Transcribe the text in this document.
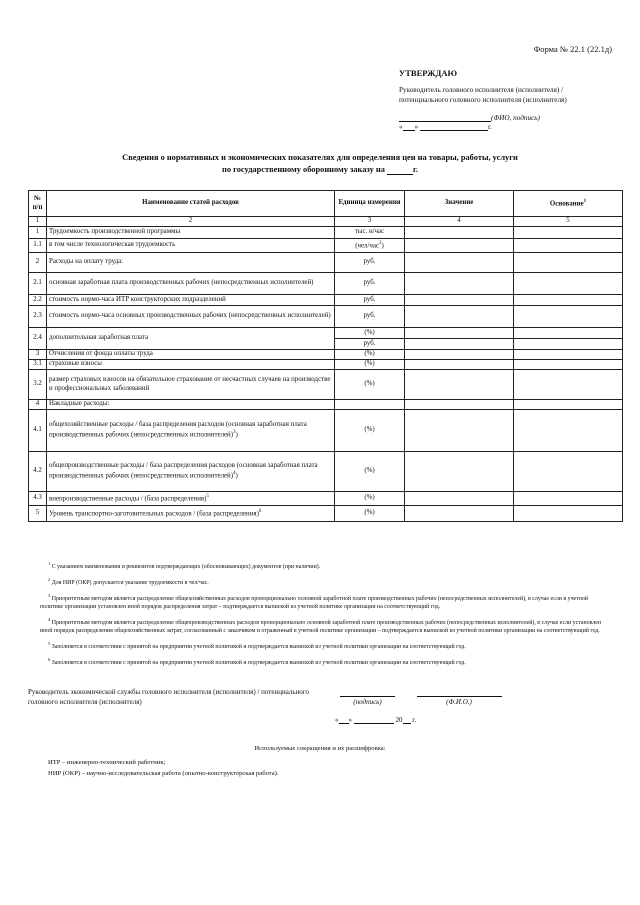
Форма № 22.1 (22.1д)
УТВЕРЖДАЮ
Руководитель головного исполнителя (исполнителя) / потенциального головного исполнителя (исполнителя)
(ФИО, подпись)
« »	г.
Сведения о нормативных и экономических показателях для определения цен на товары, работы, услуги
по государственному оборонному заказу на	г.
№ п/п	Наименование статей расходов	Единица измерения	Значение	Основание$^1$
1	2	3	4	5
1	Трудоемкость производственной программы	тыс. н/час		
1.1	в том числе технологическая трудоемкость	(чел/час$^2$)		
2	Расходы на оплату труда:	руб.		
2.1	основная заработная плата производственных рабочих (непосредственных исполнителей)	руб.		
2.2	стоимость нормо-часа ИТР конструкторских подразделений	руб.		
2.3	стоимость нормо-часа основных производственных рабочих (непосредственных исполнителей)	руб.		
2.4	дополнительная заработная плата	(%)		
		руб.		
3	Отчисления от фонда оплаты труда	(%)		
3.1	страховые взносы	(%)		
3.2	размер страховых взносов на обязательное страхование от несчастных случаев на производстве и профессиональных заболеваний	(%)		
4	Накладные расходы:			
4.1	общехозяйственные расходы / база распределения расходов (основная заработная плата производственных рабочих (непосредственных исполнителей)$^3$)	(%)		
4.2	общепроизводственные расходы / база распределения расходов (основная заработная плата производственных рабочих (непосредственных исполнителей)$^4$)	(%)		
4.3	внепроизводственные расходы / (база распределения)$^5$	(%)		
5	Уровень транспортно-заготовительных расходов / (база распределения)$^6$	(%)		

$^1$ С указанием наименования и реквизитов подтверждающих (обосновывающих) документов (при наличии).

$^2$ Для НИР (ОКР) допускается указание трудоемкости в чел/час.

$^3$ Приоритетным методом является распределение общехозяйственных расходов пропорционально основной заработной плате производственных рабочих (непосредственных исполнителей), в случае если в учетной политике организации установлен иной порядок распределения затрат – подтверждается выпиской из учетной политике организации на соответствующий год.

$^4$ Приоритетным методом является распределение общепроизводственных расходов пропорционально основной заработной плате производственных рабочих (непосредственных исполнителей), в случае если установлен иной порядок распределения общехозяйственных затрат, согласованный с заказчиком и отраженный в учетной политике организации – подтверждается выпиской из учетной политики организации на соответствующий год.

$^5$ Заполняется в соответствии с принятой на предприятии учетной политикой и подтверждается выпиской из учетной политики организации на соответствующий год.

$^6$ Заполняется в соответствии с принятой на предприятии учетной политикой и подтверждается выпиской из учетной политики организации на соответствующий год.

Руководитель экономической службы головного исполнителя (исполнителя) / потенциального головного исполнителя (исполнителя)
	(подпись)	(Ф.И.О.)
« »	20 г.
Используемые сокращения и их расшифровка:
ИТР – инженерно-технический работник;
НИР (ОКР) – научно-исследовательская работа (опытно-конструкторская работа).
